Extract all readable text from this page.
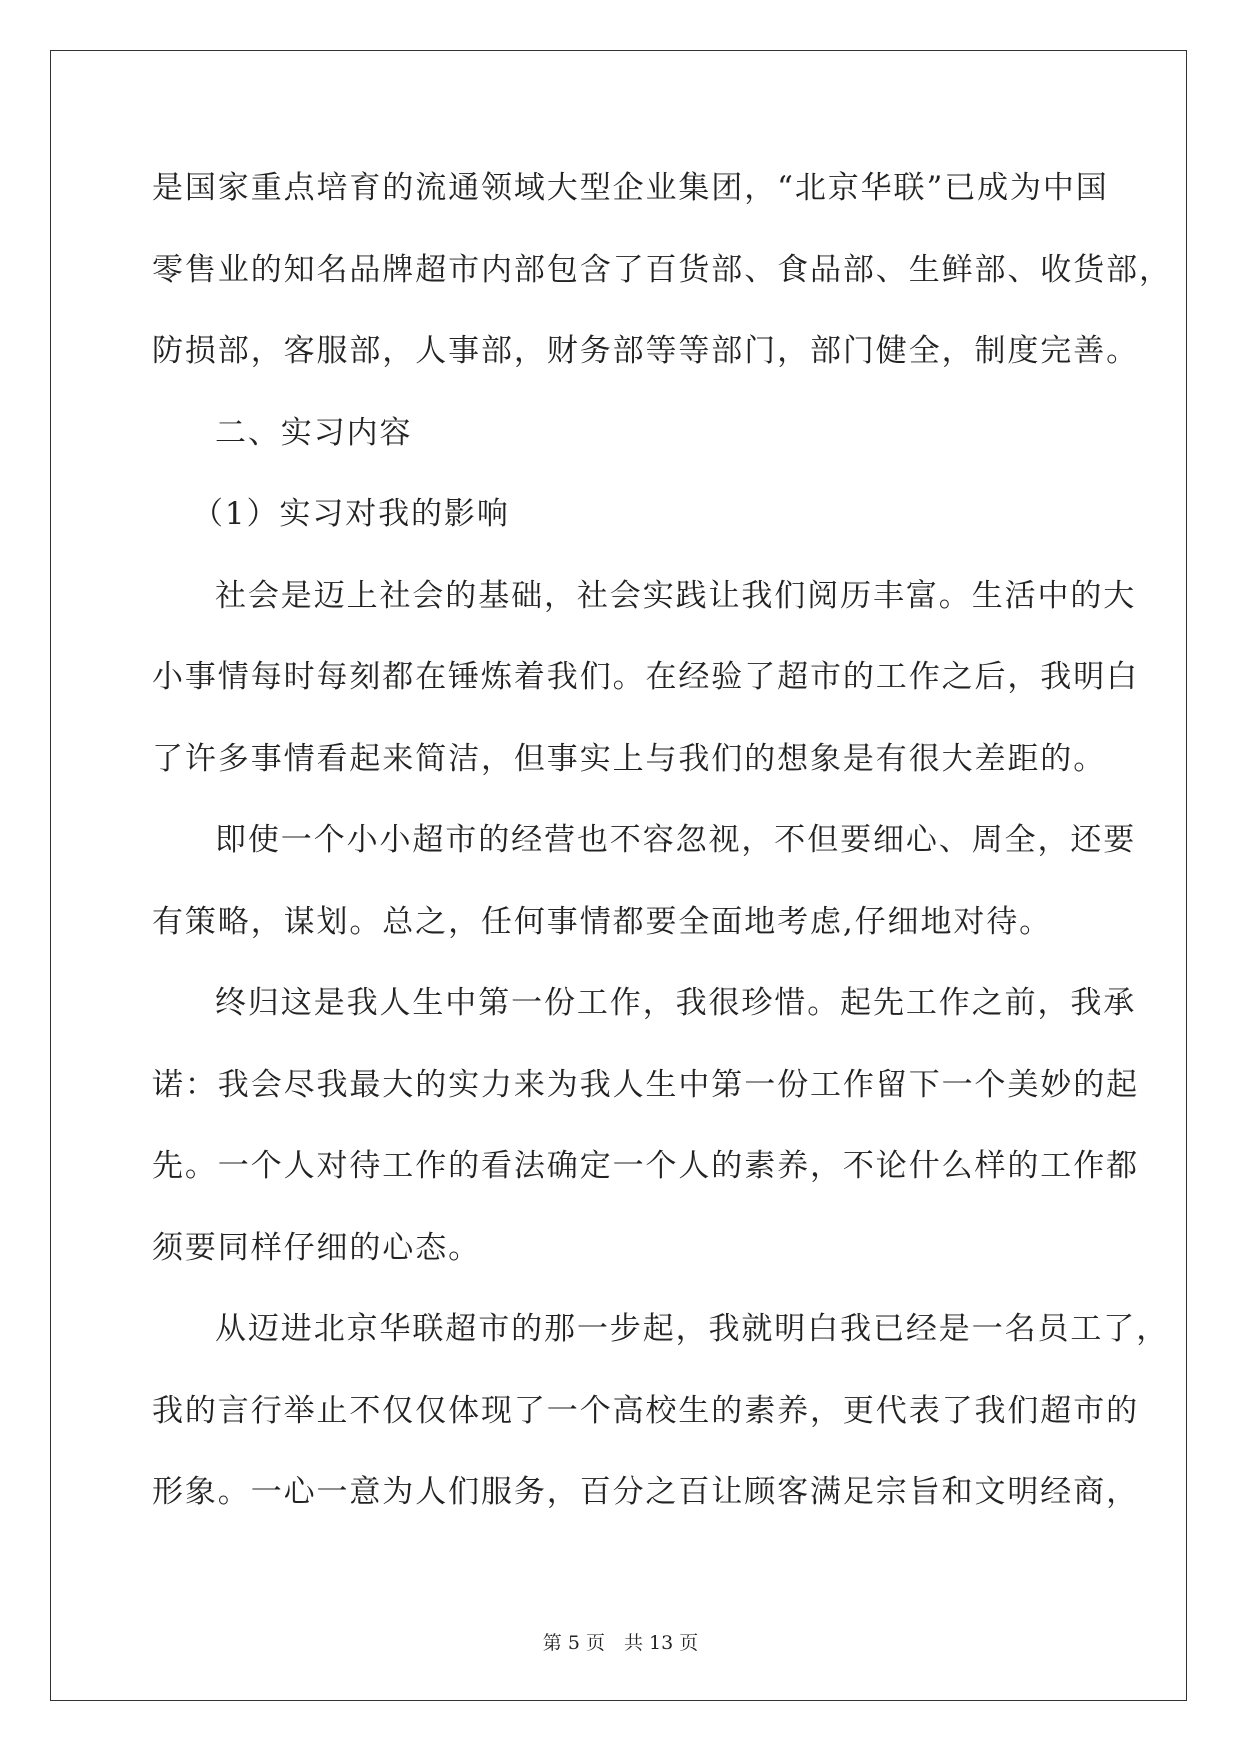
是国家重点培育的流通领域大型企业集团，“北京华联”已成为中国
零售业的知名品牌超市内部包含了百货部、食品部、生鲜部、收货部，
防损部，客服部，人事部，财务部等等部门，部门健全，制度完善。
二、实习内容
（1）实习对我的影响
社会是迈上社会的基础，社会实践让我们阅历丰富。生活中的大
小事情每时每刻都在锤炼着我们。在经验了超市的工作之后，我明白
了许多事情看起来简洁，但事实上与我们的想象是有很大差距的。
即使一个小小超市的经营也不容忽视，不但要细心、周全，还要
有策略，谋划。总之，任何事情都要全面地考虑,仔细地对待。
终归这是我人生中第一份工作，我很珍惜。起先工作之前，我承
诺：我会尽我最大的实力来为我人生中第一份工作留下一个美妙的起
先。一个人对待工作的看法确定一个人的素养，不论什么样的工作都
须要同样仔细的心态。
从迈进北京华联超市的那一步起，我就明白我已经是一名员工了，
我的言行举止不仅仅体现了一个高校生的素养，更代表了我们超市的
形象。一心一意为人们服务，百分之百让顾客满足宗旨和文明经商，
第 5 页　共 13 页
